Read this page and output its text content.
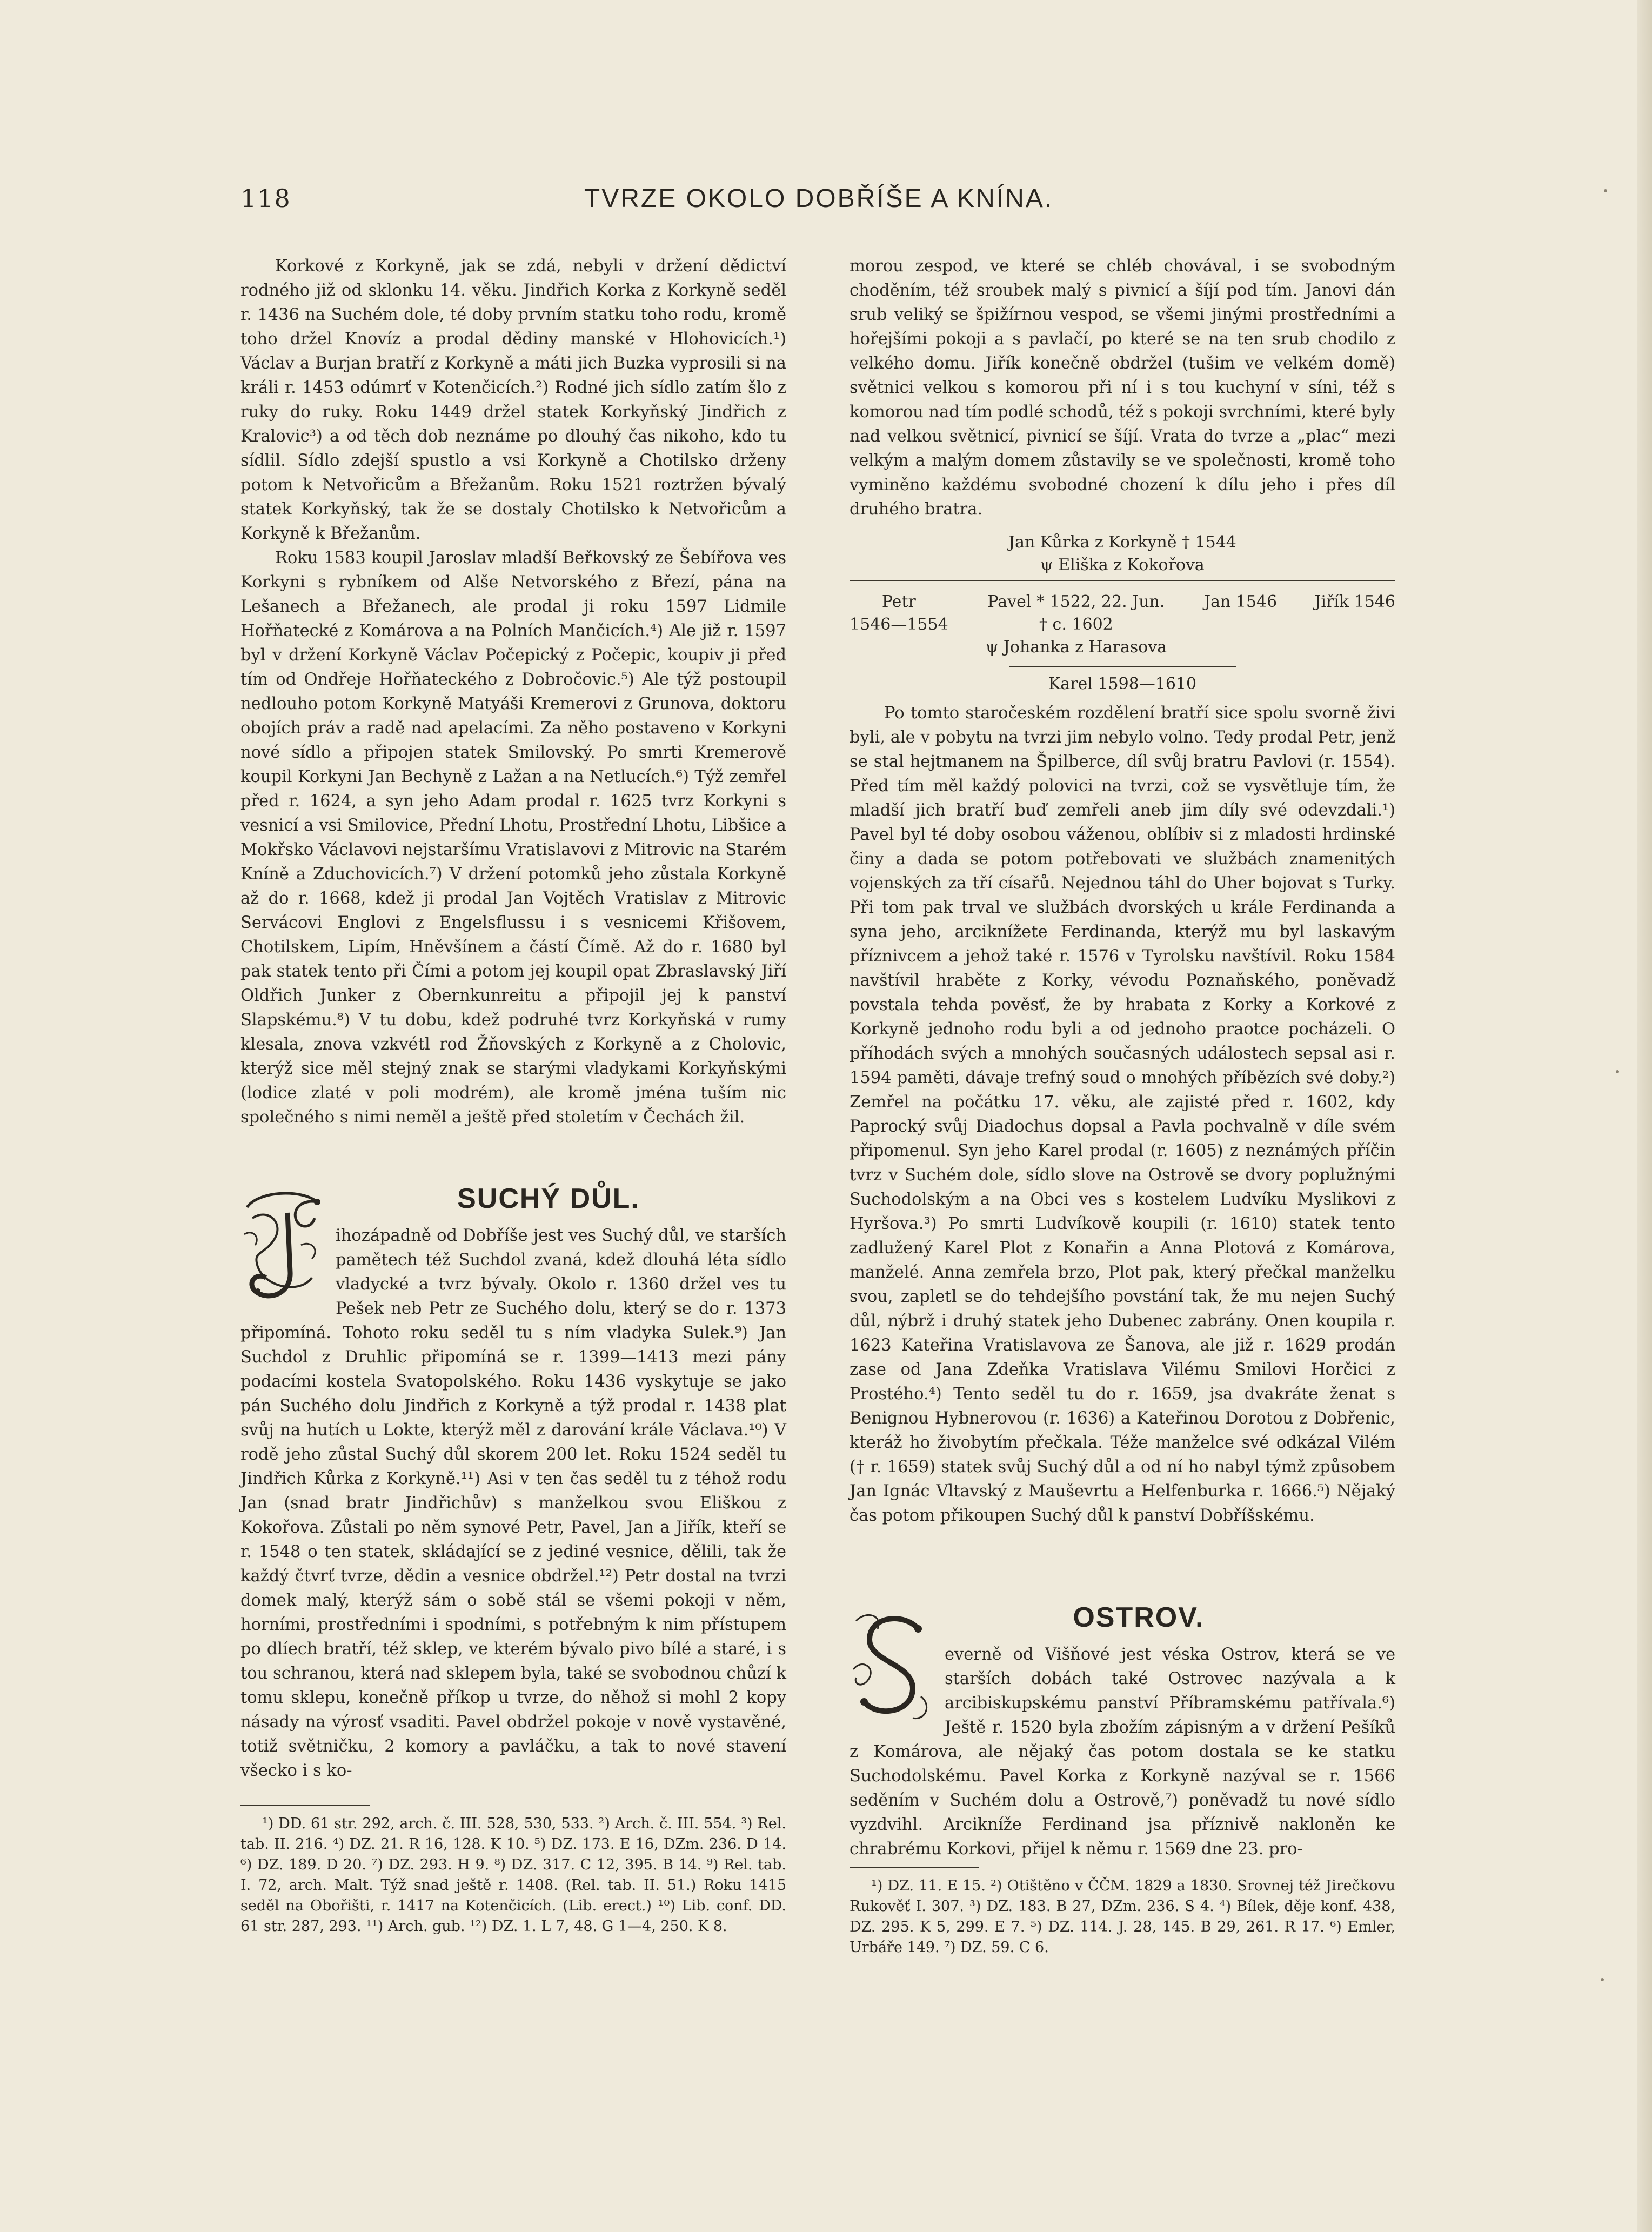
118	TVRZE OKOLO DOBŘÍŠE A KNÍNA.

Korkové z Korkyně, jak se zdá, nebyli v držení dědictví rodného již od sklonku 14. věku. Jindřich Korka z Korkyně seděl r. 1436 na Suchém dole, té doby prvním statku toho rodu, kromě toho držel Knovíz a prodal dědiny manské v Hlohovicích.¹) Václav a Burjan bratří z Korkyně a máti jich Buzka vyprosili si na králi r. 1453 odúmrť v Kotenčicích.²) Rodné jich sídlo zatím šlo z ruky do ruky. Roku 1449 držel statek Korkyňský Jindřich z Kralovic³) a od těch dob neznáme po dlouhý čas nikoho, kdo tu sídlil. Sídlo zdejší spustlo a vsi Korkyně a Chotilsko drženy potom k Netvořicům a Břežanům. Roku 1521 roztržen bývalý statek Korkyňský, tak že se dostaly Chotilsko k Netvořicům a Korkyně k Břežanům.

Roku 1583 koupil Jaroslav mladší Beřkovský ze Šebířova ves Korkyni s rybníkem od Alše Netvorského z Březí, pána na Lešanech a Břežanech, ale prodal ji roku 1597 Lidmile Hořňatecké z Komárova a na Polních Mančicích.⁴) Ale již r. 1597 byl v držení Korkyně Václav Počepický z Počepic, koupiv ji před tím od Ondřeje Hořňateckého z Dobročovic.⁵) Ale týž postoupil nedlouho potom Korkyně Matyáši Kremerovi z Grunova, doktoru obojích práv a radě nad apelacími. Za něho postaveno v Korkyni nové sídlo a připojen statek Smilovský. Po smrti Kremerově koupil Korkyni Jan Bechyně z Lažan a na Netlucích.⁶) Týž zemřel před r. 1624, a syn jeho Adam prodal r. 1625 tvrz Korkyni s vesnicí a vsi Smilovice, Přední Lhotu, Prostřední Lhotu, Libšice a Mokřsko Václavovi nejstaršímu Vratislavovi z Mitrovic na Starém Kníně a Zduchovicích.⁷) V držení potomků jeho zůstala Korkyně až do r. 1668, kdež ji prodal Jan Vojtěch Vratislav z Mitrovic Servácovi Englovi z Engelsflussu i s vesnicemi Křišovem, Chotilskem, Lipím, Hněvšínem a částí Čímě. Až do r. 1680 byl pak statek tento při Čími a potom jej koupil opat Zbraslavský Jiří Oldřich Junker z Obernkunreitu a připojil jej k panství Slapskému.⁸) V tu dobu, kdež podruhé tvrz Korkyňská v rumy klesala, znova vzkvétl rod Žňovských z Korkyně a z Cholovic, kterýž sice měl stejný znak se starými vladykami Korkyňskými (lodice zlaté v poli modrém), ale kromě jména tuším nic společného s nimi neměl a ještě před stoletím v Čechách žil.

SUCHÝ DŮL.

ihozápadně od Dobříše jest ves Suchý důl, ve starších pamětech též Suchdol zvaná, kdež dlouhá léta sídlo vladycké a tvrz bývaly. Okolo r. 1360 držel ves tu Pešek neb Petr ze Suchého dolu, který se do r. 1373 připomíná. Tohoto roku seděl tu s ním vladyka Sulek.⁹) Jan Suchdol z Druhlic připomíná se r. 1399—1413 mezi pány podacími kostela Svatopolského. Roku 1436 vyskytuje se jako pán Suchého dolu Jindřich z Korkyně a týž prodal r. 1438 plat svůj na hutích u Lokte, kterýž měl z darování krále Václava.¹⁰) V rodě jeho zůstal Suchý důl skorem 200 let. Roku 1524 seděl tu Jindřich Kůrka z Korkyně.¹¹) Asi v ten čas seděl tu z téhož rodu Jan (snad bratr Jindřichův) s manželkou svou Eliškou z Kokořova. Zůstali po něm synové Petr, Pavel, Jan a Jiřík, kteří se r. 1548 o ten statek, skládající se z jediné vesnice, dělili, tak že každý čtvrť tvrze, dědin a vesnice obdržel.¹²) Petr dostal na tvrzi domek malý, kterýž sám o sobě stál se všemi pokoji v něm, horními, prostředními i spodními, s potřebným k nim přístupem po dlíech bratří, též sklep, ve kterém bývalo pivo bílé a staré, i s tou schranou, která nad sklepem byla, také se svobodnou chůzí k tomu sklepu, konečně příkop u tvrze, do něhož si mohl 2 kopy násady na výrosť vsaditi. Pavel obdržel pokoje v nově vystavěné, totiž světničku, 2 komory a pavláčku, a tak to nové stavení všecko i s ko-

morou zespod, ve které se chléb chovával, i se svobodným choděním, též sroubek malý s pivnicí a šíjí pod tím. Janovi dán srub veliký se špižírnou vespod, se všemi jinými prostředními a hořejšími pokoji a s pavlačí, po které se na ten srub chodilo z velkého domu. Jiřík konečně obdržel (tušim ve velkém domě) světnici velkou s komorou při ní i s tou kuchyní v síni, též s komorou nad tím podlé schodů, též s pokoji svrchními, které byly nad velkou světnicí, pivnicí se šíjí. Vrata do tvrze a „plac“ mezi velkým a malým domem zůstavily se ve společnosti, kromě toho vyminěno každému svobodné chození k dílu jeho i přes díl druhého bratra.

Jan Kůrka z Korkyně † 1544
ψ Eliška z Kokořova
Petr
1546—1554
Pavel * 1522, 22. Jun.
† c. 1602
ψ Johanka z Harasova
Jan 1546 Jiřík 1546
Karel 1598—1610

Po tomto staročeském rozdělení bratří sice spolu svorně živi byli, ale v pobytu na tvrzi jim nebylo volno. Tedy prodal Petr, jenž se stal hejtmanem na Špilberce, díl svůj bratru Pavlovi (r. 1554). Před tím měl každý polovici na tvrzi, což se vysvětluje tím, že mladší jich bratří buď zemřeli aneb jim díly své odevzdali.¹) Pavel byl té doby osobou váženou, oblíbiv si z mladosti hrdinské činy a dada se potom potřebovati ve službách znamenitých vojenských za tří císařů. Nejednou táhl do Uher bojovat s Turky. Při tom pak trval ve službách dvorských u krále Ferdinanda a syna jeho, arciknížete Ferdinanda, kterýž mu byl laskavým příznivcem a jehož také r. 1576 v Tyrolsku navštívil. Roku 1584 navštívil hraběte z Korky, vévodu Poznaňského, poněvadž povstala tehda pověsť, že by hrabata z Korky a Korkové z Korkyně jednoho rodu byli a od jednoho praotce pocházeli. O příhodách svých a mnohých současných událostech sepsal asi r. 1594 paměti, dávaje trefný soud o mnohých příbězích své doby.²) Zemřel na počátku 17. věku, ale zajisté před r. 1602, kdy Paprocký svůj Diadochus dopsal a Pavla pochvalně v díle svém připomenul. Syn jeho Karel prodal (r. 1605) z neznámých příčin tvrz v Suchém dole, sídlo slove na Ostrově se dvory poplužnými Suchodolským a na Obci ves s kostelem Ludvíku Myslikovi z Hyršova.³) Po smrti Ludvíkově koupili (r. 1610) statek tento zadlužený Karel Plot z Konařin a Anna Plotová z Komárova, manželé. Anna zemřela brzo, Plot pak, který přečkal manželku svou, zapletl se do tehdejšího povstání tak, že mu nejen Suchý důl, nýbrž i druhý statek jeho Dubenec zabrány. Onen koupila r. 1623 Kateřina Vratislavova ze Šanova, ale již r. 1629 prodán zase od Jana Zdeňka Vratislava Vilému Smilovi Horčici z Prostého.⁴) Tento seděl tu do r. 1659, jsa dvakráte ženat s Benignou Hybnerovou (r. 1636) a Kateřinou Dorotou z Dobřenic, kteráž ho živobytím přečkala. Téže manželce své odkázal Vilém († r. 1659) statek svůj Suchý důl a od ní ho nabyl týmž způsobem Jan Ignác Vltavský z Mauševrtu a Helfenburka r. 1666.⁵) Nějaký čas potom přikoupen Suchý důl k panství Dobříšskému.

OSTROV.

everně od Višňové jest véska Ostrov, která se ve starších dobách také Ostrovec nazývala a k arcibiskupskému panství Příbramskému patřívala.⁶) Ještě r. 1520 byla zbožím zápisným a v držení Pešíků z Komárova, ale nějaký čas potom dostala se ke statku Suchodolskému. Pavel Korka z Korkyně nazýval se r. 1566 seděním v Suchém dolu a Ostrově,⁷) poněvadž tu nové sídlo vyzdvihl. Arcikníže Ferdinand jsa příznivě nakloněn ke chrabrému Korkovi, přijel k němu r. 1569 dne 23. pro-

¹) DD. 61 str. 292, arch. č. III. 528, 530, 533. ²) Arch. č. III. 554. ³) Rel. tab. II. 216. ⁴) DZ. 21. R 16, 128. K 10. ⁵) DZ. 173. E 16, DZm. 236. D 14. ⁶) DZ. 189. D 20. ⁷) DZ. 293. H 9. ⁸) DZ. 317. C 12, 395. B 14. ⁹) Rel. tab. I. 72, arch. Malt. Týž snad ještě r. 1408. (Rel. tab. II. 51.) Roku 1415 seděl na Obořišti, r. 1417 na Kotenčicích. (Lib. erect.) ¹⁰) Lib. conf. DD. 61 str. 287, 293. ¹¹) Arch. gub. ¹²) DZ. 1. L 7, 48. G 1—4, 250. K 8.

¹) DZ. 11. E 15. ²) Otištěno v ČČM. 1829 a 1830. Srovnej též Jirečkovu Rukověť I. 307. ³) DZ. 183. B 27, DZm. 236. S 4. ⁴) Bílek, děje konf. 438, DZ. 295. K 5, 299. E 7. ⁵) DZ. 114. J. 28, 145. B 29, 261. R 17. ⁶) Emler, Urbáře 149. ⁷) DZ. 59. C 6.
